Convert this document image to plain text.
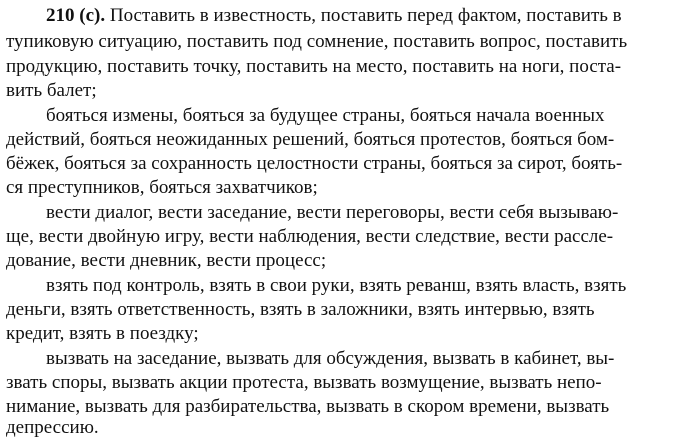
210 (с). Поставить в известность, поставить перед фактом, поставить в
тупиковую ситуацию, поставить под сомнение, поставить вопрос, поставить
продукцию, поставить точку, поставить на место, поставить на ноги, поста-
вить балет;
бояться измены, бояться за будущее страны, бояться начала военных
действий, бояться неожиданных решений, бояться протестов, бояться бом-
бёжек, бояться за сохранность целостности страны, бояться за сирот, боять-
ся преступников, бояться захватчиков;
вести диалог, вести заседание, вести переговоры, вести себя вызываю-
ще, вести двойную игру, вести наблюдения, вести следствие, вести рассле-
дование, вести дневник, вести процесс;
взять под контроль, взять в свои руки, взять реванш, взять власть, взять
деньги, взять ответственность, взять в заложники, взять интервью, взять
кредит, взять в поездку;
вызвать на заседание, вызвать для обсуждения, вызвать в кабинет, вы-
звать споры, вызвать акции протеста, вызвать возмущение, вызвать непо-
нимание, вызвать для разбирательства, вызвать в скором времени, вызвать
депрессию.
